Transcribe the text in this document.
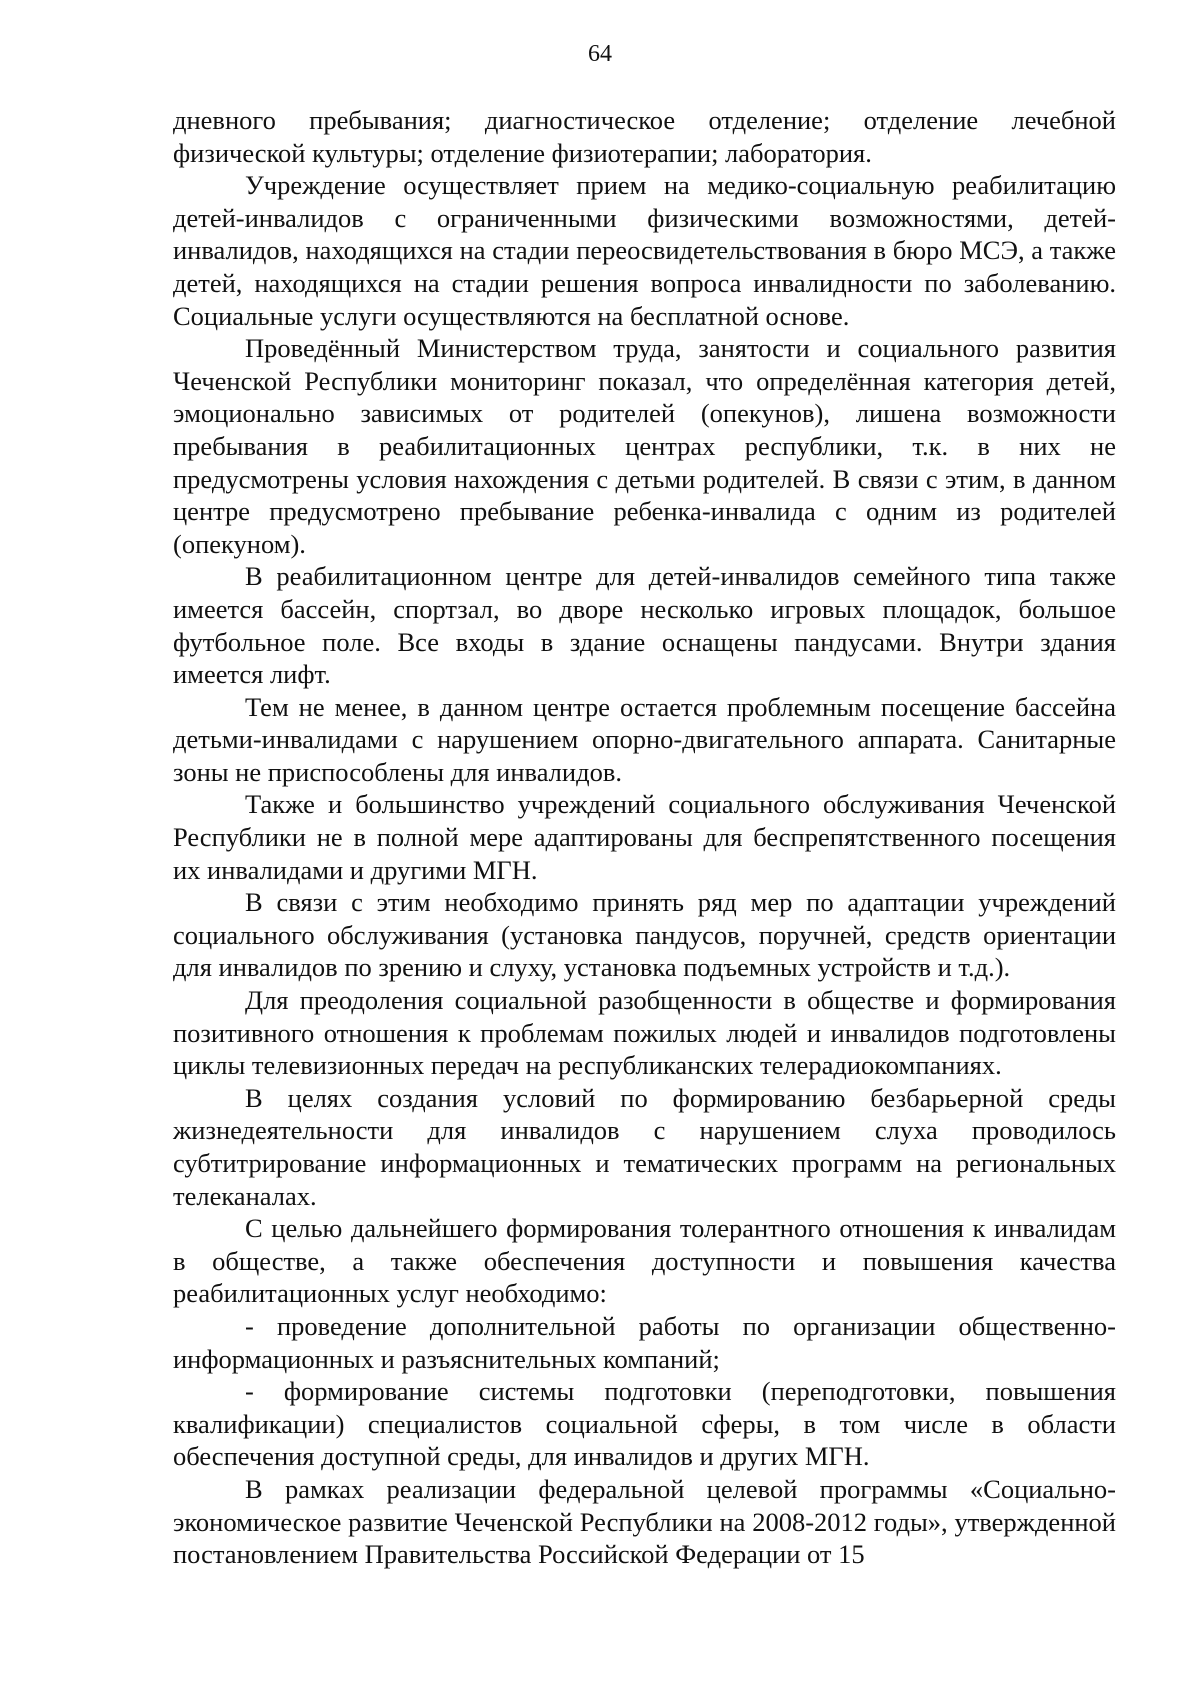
64

дневного пребывания; диагностическое отделение; отделение лечебной физической культуры; отделение физиотерапии; лаборатория.

Учреждение осуществляет прием на медико-социальную реабилитацию детей-инвалидов с ограниченными физическими возможностями, детей-инвалидов, находящихся на стадии переосвидетельствования в бюро МСЭ, а также детей, находящихся на стадии решения вопроса инвалидности по заболеванию. Социальные услуги осуществляются на бесплатной основе.

Проведённый Министерством труда, занятости и социального развития Чеченской Республики мониторинг показал, что определённая категория детей, эмоционально зависимых от родителей (опекунов), лишена возможности пребывания в реабилитационных центрах республики, т.к. в них не предусмотрены условия нахождения с детьми родителей. В связи с этим, в данном центре предусмотрено пребывание ребенка-инвалида с одним из родителей (опекуном).

В реабилитационном центре для детей-инвалидов семейного типа также имеется бассейн, спортзал, во дворе несколько игровых площадок, большое футбольное поле. Все входы в здание оснащены пандусами. Внутри здания имеется лифт.

Тем не менее, в данном центре остается проблемным посещение бассейна детьми-инвалидами с нарушением опорно-двигательного аппарата. Санитарные зоны не приспособлены для инвалидов.

Также и большинство учреждений социального обслуживания Чеченской Республики не в полной мере адаптированы для беспрепятственного посещения их инвалидами и другими МГН.

В связи с этим необходимо принять ряд мер по адаптации учреждений социального обслуживания (установка пандусов, поручней, средств ориентации для инвалидов по зрению и слуху, установка подъемных устройств и т.д.).

Для преодоления социальной разобщенности в обществе и формирования позитивного отношения к проблемам пожилых людей и инвалидов подготовлены циклы телевизионных передач на республиканских телерадиокомпаниях.

В целях создания условий по формированию безбарьерной среды жизнедеятельности для инвалидов с нарушением слуха проводилось субтитрирование информационных и тематических программ на региональных телеканалах.

С целью дальнейшего формирования толерантного отношения к инвалидам в обществе, а также обеспечения доступности и повышения качества реабилитационных услуг необходимо:

- проведение дополнительной работы по организации общественно-информационных и разъяснительных компаний;

- формирование системы подготовки (переподготовки, повышения квалификации) специалистов социальной сферы, в том числе в области обеспечения доступной среды, для инвалидов и других МГН.

В рамках реализации федеральной целевой программы «Социально-экономическое развитие Чеченской Республики на 2008-2012 годы», утвержденной постановлением Правительства Российской Федерации от 15
